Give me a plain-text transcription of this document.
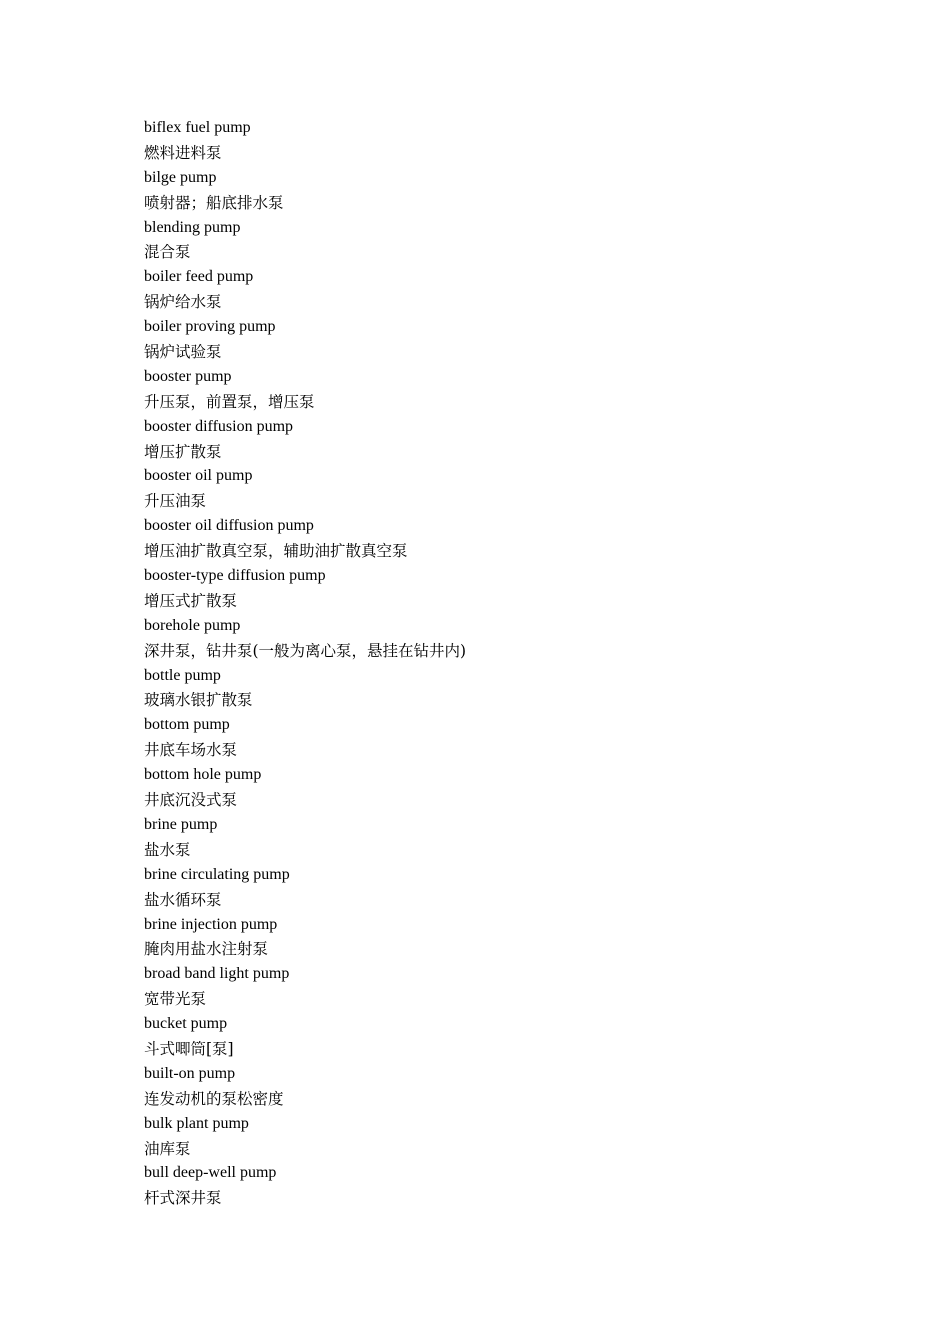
biflex fuel pump
燃料进料泵
bilge pump
喷射器；船底排水泵
blending pump
混合泵
boiler feed pump
锅炉给水泵
boiler proving pump
锅炉试验泵
booster pump
升压泵，前置泵，增压泵
booster diffusion pump
增压扩散泵
booster oil pump
升压油泵
booster oil diffusion pump
增压油扩散真空泵，辅助油扩散真空泵
booster-type diffusion pump
增压式扩散泵
borehole pump
深井泵，钻井泵(一般为离心泵，悬挂在钻井内)
bottle pump
玻璃水银扩散泵
bottom pump
井底车场水泵
bottom hole pump
井底沉没式泵
brine pump
盐水泵
brine circulating pump
盐水循环泵
brine injection pump
腌肉用盐水注射泵
broad band light pump
宽带光泵
bucket pump
斗式唧筒[泵]
built-on pump
连发动机的泵松密度
bulk plant pump
油库泵
bull deep-well pump
杆式深井泵
